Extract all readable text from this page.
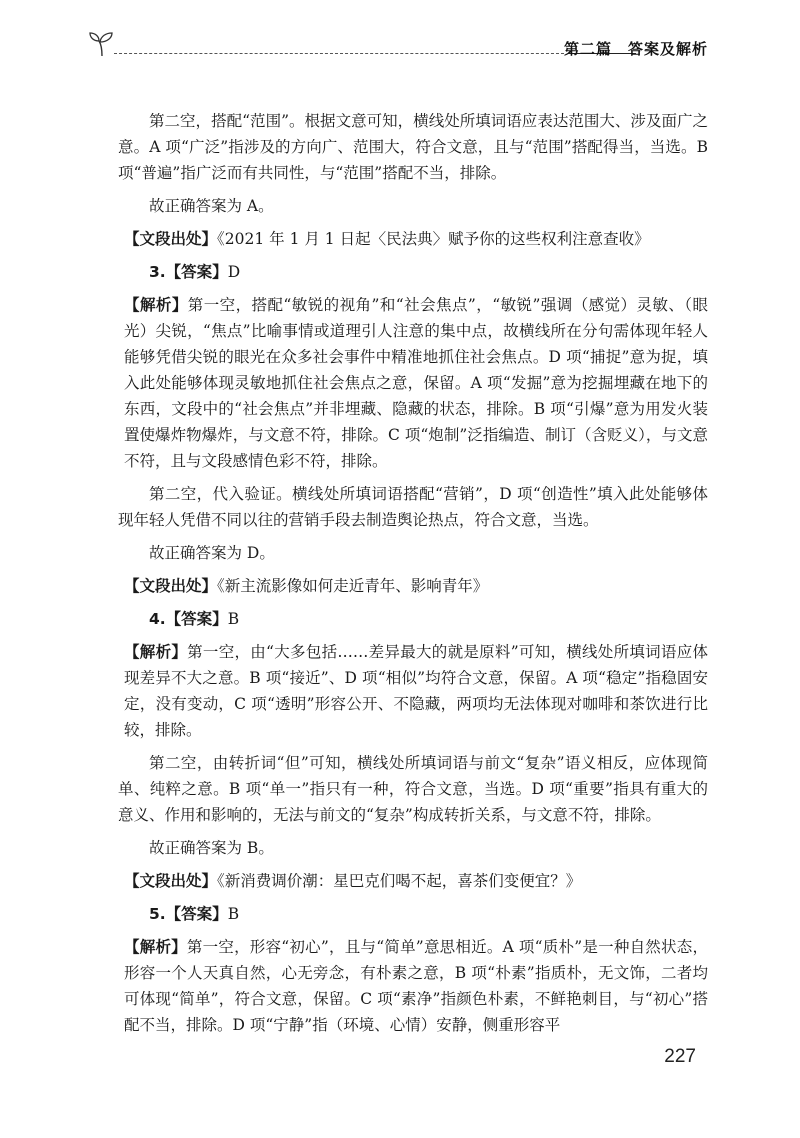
第二篇　答案及解析

第二空，搭配“范围”。根据文意可知，横线处所填词语应表达范围大、涉及面广之意。A 项“广泛”指涉及的方向广、范围大，符合文意，且与“范围”搭配得当，当选。B 项“普遍”指广泛而有共同性，与“范围”搭配不当，排除。

故正确答案为 A。

【文段出处】《2021 年 1 月 1 日起〈民法典〉赋予你的这些权利注意查收》

3.【答案】D

【解析】第一空，搭配“敏锐的视角”和“社会焦点”，“敏锐”强调（感觉）灵敏、（眼光）尖锐，“焦点”比喻事情或道理引人注意的集中点，故横线所在分句需体现年轻人能够凭借尖锐的眼光在众多社会事件中精准地抓住社会焦点。D 项“捕捉”意为捉，填入此处能够体现灵敏地抓住社会焦点之意，保留。A 项“发掘”意为挖掘埋藏在地下的东西，文段中的“社会焦点”并非埋藏、隐藏的状态，排除。B 项“引爆”意为用发火装置使爆炸物爆炸，与文意不符，排除。C 项“炮制”泛指编造、制订（含贬义），与文意不符，且与文段感情色彩不符，排除。

第二空，代入验证。横线处所填词语搭配“营销”，D 项“创造性”填入此处能够体现年轻人凭借不同以往的营销手段去制造舆论热点，符合文意，当选。

故正确答案为 D。

【文段出处】《新主流影像如何走近青年、影响青年》

4.【答案】B

【解析】第一空，由“大多包括……差异最大的就是原料”可知，横线处所填词语应体现差异不大之意。B 项“接近”、D 项“相似”均符合文意，保留。A 项“稳定”指稳固安定，没有变动，C 项“透明”形容公开、不隐藏，两项均无法体现对咖啡和茶饮进行比较，排除。

第二空，由转折词“但”可知，横线处所填词语与前文“复杂”语义相反，应体现简单、纯粹之意。B 项“单一”指只有一种，符合文意，当选。D 项“重要”指具有重大的意义、作用和影响的，无法与前文的“复杂”构成转折关系，与文意不符，排除。

故正确答案为 B。

【文段出处】《新消费调价潮：星巴克们喝不起，喜茶们变便宜？》

5.【答案】B

【解析】第一空，形容“初心”，且与“简单”意思相近。A 项“质朴”是一种自然状态，形容一个人天真自然，心无旁念，有朴素之意，B 项“朴素”指质朴，无文饰，二者均可体现“简单”，符合文意，保留。C 项“素净”指颜色朴素，不鲜艳刺目，与“初心”搭配不当，排除。D 项“宁静”指（环境、心情）安静，侧重形容平

227
